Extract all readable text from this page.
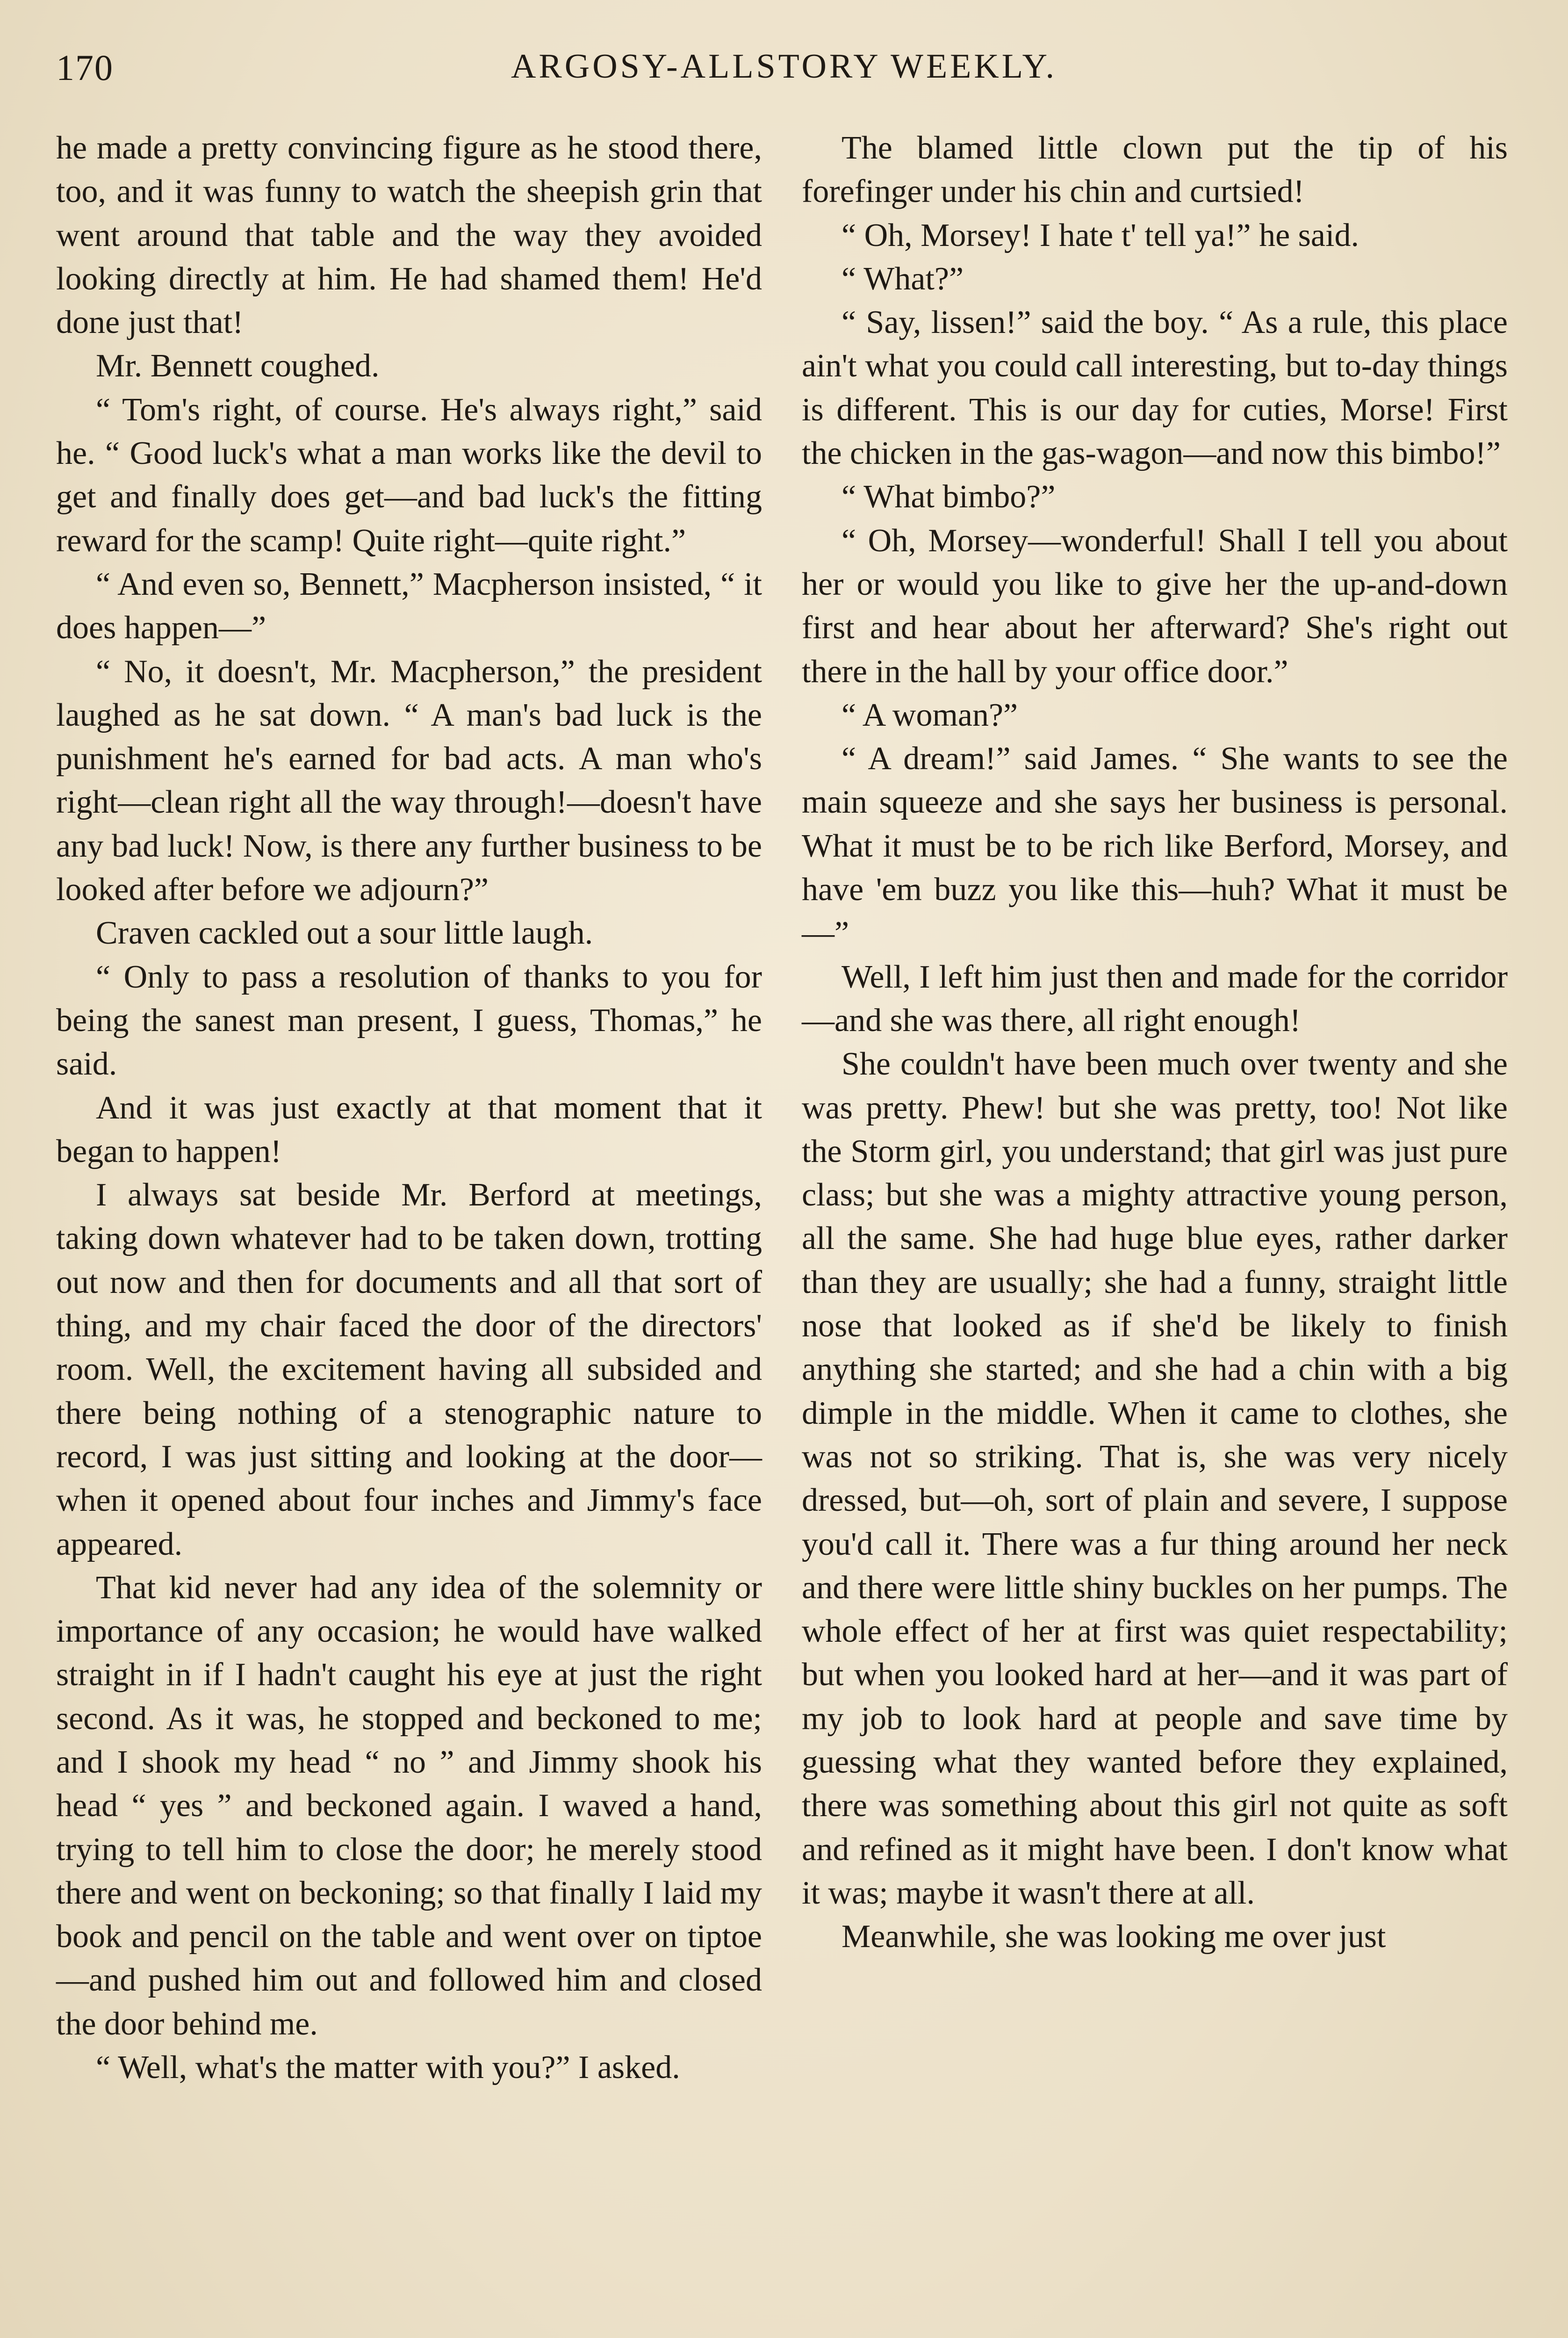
170	ARGOSY-ALLSTORY WEEKLY.

he made a pretty convincing figure as he stood there, too, and it was funny to watch the sheepish grin that went around that table and the way they avoided looking directly at him. He had shamed them! He'd done just that!

Mr. Bennett coughed.

“ Tom's right, of course. He's always right,” said he. “ Good luck's what a man works like the devil to get and finally does get—and bad luck's the fitting reward for the scamp! Quite right—quite right.”

“ And even so, Bennett,” Macpherson insisted, “ it does happen—”

“ No, it doesn't, Mr. Macpherson,” the president laughed as he sat down. “ A man's bad luck is the punishment he's earned for bad acts. A man who's right—clean right all the way through!—doesn't have any bad luck! Now, is there any further business to be looked after before we adjourn?”

Craven cackled out a sour little laugh.

“ Only to pass a resolution of thanks to you for being the sanest man present, I guess, Thomas,” he said.

And it was just exactly at that moment that it began to happen!

I always sat beside Mr. Berford at meetings, taking down whatever had to be taken down, trotting out now and then for documents and all that sort of thing, and my chair faced the door of the directors' room. Well, the excitement having all subsided and there being nothing of a stenographic nature to record, I was just sitting and looking at the door—when it opened about four inches and Jimmy's face appeared.

That kid never had any idea of the solemnity or importance of any occasion; he would have walked straight in if I hadn't caught his eye at just the right second. As it was, he stopped and beckoned to me; and I shook my head “ no ” and Jimmy shook his head “ yes ” and beckoned again. I waved a hand, trying to tell him to close the door; he merely stood there and went on beckoning; so that finally I laid my book and pencil on the table and went over on tiptoe—and pushed him out and followed him and closed the door behind me.

“ Well, what's the matter with you?” I asked.

The blamed little clown put the tip of his forefinger under his chin and curtsied!

“ Oh, Morsey! I hate t' tell ya!” he said.

“ What?”

“ Say, lissen!” said the boy. “ As a rule, this place ain't what you could call interesting, but to-day things is different. This is our day for cuties, Morse! First the chicken in the gas-wagon—and now this bimbo!”

“ What bimbo?”

“ Oh, Morsey—wonderful! Shall I tell you about her or would you like to give her the up-and-down first and hear about her afterward? She's right out there in the hall by your office door.”

“ A woman?”

“ A dream!” said James. “ She wants to see the main squeeze and she says her business is personal. What it must be to be rich like Berford, Morsey, and have 'em buzz you like this—huh? What it must be—”

Well, I left him just then and made for the corridor—and she was there, all right enough!

She couldn't have been much over twenty and she was pretty. Phew! but she was pretty, too! Not like the Storm girl, you understand; that girl was just pure class; but she was a mighty attractive young person, all the same. She had huge blue eyes, rather darker than they are usually; she had a funny, straight little nose that looked as if she'd be likely to finish anything she started; and she had a chin with a big dimple in the middle. When it came to clothes, she was not so striking. That is, she was very nicely dressed, but—oh, sort of plain and severe, I suppose you'd call it. There was a fur thing around her neck and there were little shiny buckles on her pumps. The whole effect of her at first was quiet respectability; but when you looked hard at her—and it was part of my job to look hard at people and save time by guessing what they wanted before they explained, there was something about this girl not quite as soft and refined as it might have been. I don't know what it was; maybe it wasn't there at all.

Meanwhile, she was looking me over just
